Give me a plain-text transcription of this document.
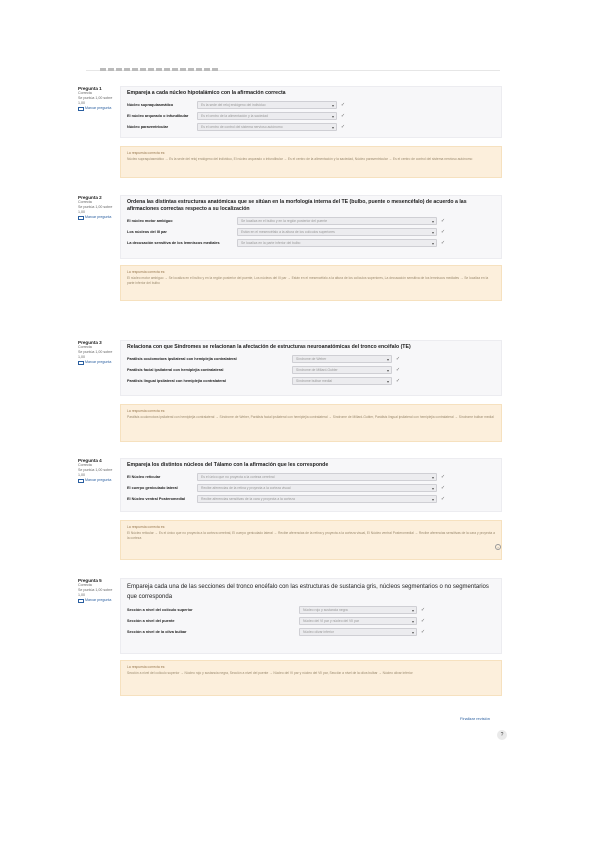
Pregunta 1
Correcta
Se puntúa 1,00 sobre 1,00
Marcar pregunta
Empareja a cada núcleo hipotalámico con la afirmación correcta
Núcleo supraquiasmático	Es la sede del reloj endógeno del individuo	▾ ✓
El núcleo arqueado o infundibular	Es el centro de la alimentación y la saciedad	▾ ✓
Núcleo paraventricular	Es el centro de control del sistema nervioso autónomo	▾ ✓
La respuesta correcta es:
Núcleo supraquiasmático → Es la sede del reloj endógeno del individuo, El núcleo arqueado o infundibular → Es el centro de la alimentación y la saciedad, Núcleo paraventricular → Es el centro de control del sistema nervioso autónomo
Pregunta 2
Correcta
Se puntúa 1,00 sobre 1,00
Marcar pregunta
Ordena las distintas estructuras anatómicas que se sitúan en la morfología interna del TE (bulbo, puente o mesencéfalo) de acuerdo a las afirmaciones correctas respecto a su localización
El núcleo motor ambiguo	Se localiza en el bulbo y en la región posterior del puente	▾ ✓
Los núcleos del III par	Están en el mesencéfalo a la altura de los colículos superiores	▾ ✓
La decusación sensitiva de los lemniscos mediales	Se localiza en la parte inferior del bulbo	▾ ✓
La respuesta correcta es:
El núcleo motor ambiguo → Se localiza en el bulbo y en la región posterior del puente, Los núcleos del III par → Están en el mesencéfalo a la altura de los colículos superiores, La decusación sensitiva de los lemniscos mediales → Se localiza en la parte inferior del bulbo
Pregunta 3
Correcta
Se puntúa 1,00 sobre 1,00
Marcar pregunta
Relaciona con que Síndromes se relacionan la afectación de estructuras neuroanatómicas del tronco encéfalo (TE)
Parálisis oculomotora ipsilateral con hemiplejia contralateral	Síndrome de Weber	▾ ✓
Parálisis facial ipsilateral con hemiplejia contralateral	Síndrome de Millard-Gubler	▾ ✓
Parálisis lingual ipsilateral con hemiplejia contralateral	Síndrome bulbar medial	▾ ✓
La respuesta correcta es:
Parálisis oculomotora ipsilateral con hemiplejia contralateral → Síndrome de Weber, Parálisis facial ipsilateral con hemiplejia contralateral → Síndrome de Millard-Gubler, Parálisis lingual ipsilateral con hemiplejia contralateral → Síndrome bulbar medial
Pregunta 4
Correcta
Se puntúa 1,00 sobre 1,00
Marcar pregunta
Empareja los distintos núcleos del Tálamo con la afirmación que les corresponde
El Núcleo reticular	Es el único que no proyecta a la corteza cerebral	▾ ✓
El cuerpo geniculado lateral	Recibe aferencias de la retina y proyecta a la corteza visual	▾ ✓
El Núcleo ventral Posteromedial	Recibe aferencias sensitivas de la cara y proyecta a la corteza	▾ ✓
La respuesta correcta es:
El Núcleo reticular → Es el único que no proyecta a la corteza cerebral, El cuerpo geniculado lateral → Recibe aferencias de la retina y proyecta a la corteza visual, El Núcleo ventral Posteromedial → Recibe aferencias sensitivas de la cara y proyecta a la corteza
›
Pregunta 5
Correcta
Se puntúa 1,00 sobre 1,00
Marcar pregunta
Empareja cada una de las secciones del tronco encéfalo con las estructuras de sustancia gris, núcleos segmentarios o no segmentarios que corresponda
Sección a nivel del colículo superior	Núcleo rojo y sustancia negra	▾ ✓
Sección a nivel del puente	Núcleo del VI par y núcleo del VII par	▾ ✓
Sección a nivel de la oliva bulbar	Núcleo olivar inferior	▾ ✓
La respuesta correcta es:
Sección a nivel del colículo superior → Núcleo rojo y sustancia negra, Sección a nivel del puente → Núcleo del VI par y núcleo del VII par, Sección a nivel de la oliva bulbar → Núcleo olivar inferior
Finalizar revisión
?
